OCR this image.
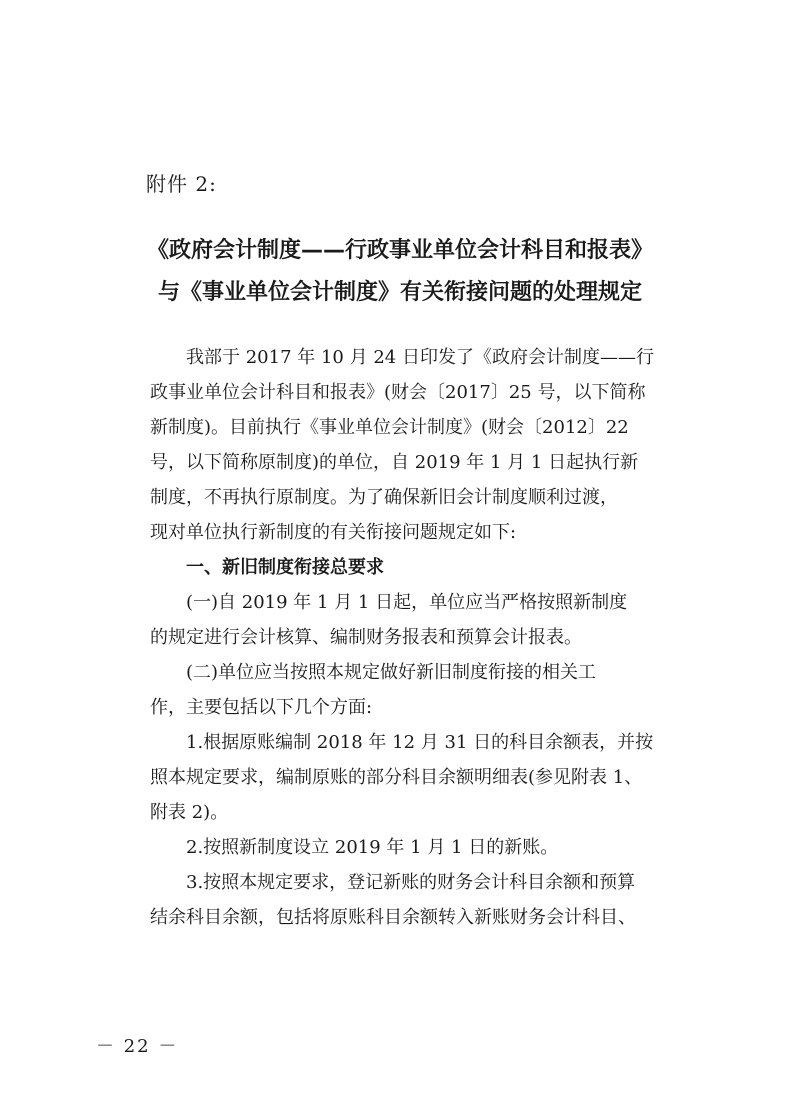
附件 2:
《政府会计制度——行政事业单位会计科目和报表》
与《事业单位会计制度》有关衔接问题的处理规定
我部于 2017 年 10 月 24 日印发了《政府会计制度——行
政事业单位会计科目和报表》(财会〔2017〕25 号，以下简称
新制度)。目前执行《事业单位会计制度》(财会〔2012〕22
号，以下简称原制度)的单位，自 2019 年 1 月 1 日起执行新
制度，不再执行原制度。为了确保新旧会计制度顺利过渡，
现对单位执行新制度的有关衔接问题规定如下:
一、新旧制度衔接总要求
(一)自 2019 年 1 月 1 日起，单位应当严格按照新制度
的规定进行会计核算、编制财务报表和预算会计报表。
(二)单位应当按照本规定做好新旧制度衔接的相关工
作，主要包括以下几个方面:
1.根据原账编制 2018 年 12 月 31 日的科目余额表，并按
照本规定要求，编制原账的部分科目余额明细表(参见附表 1、
附表 2)。
2.按照新制度设立 2019 年 1 月 1 日的新账。
3.按照本规定要求，登记新账的财务会计科目余额和预算
结余科目余额，包括将原账科目余额转入新账财务会计科目、
－ 22 －
